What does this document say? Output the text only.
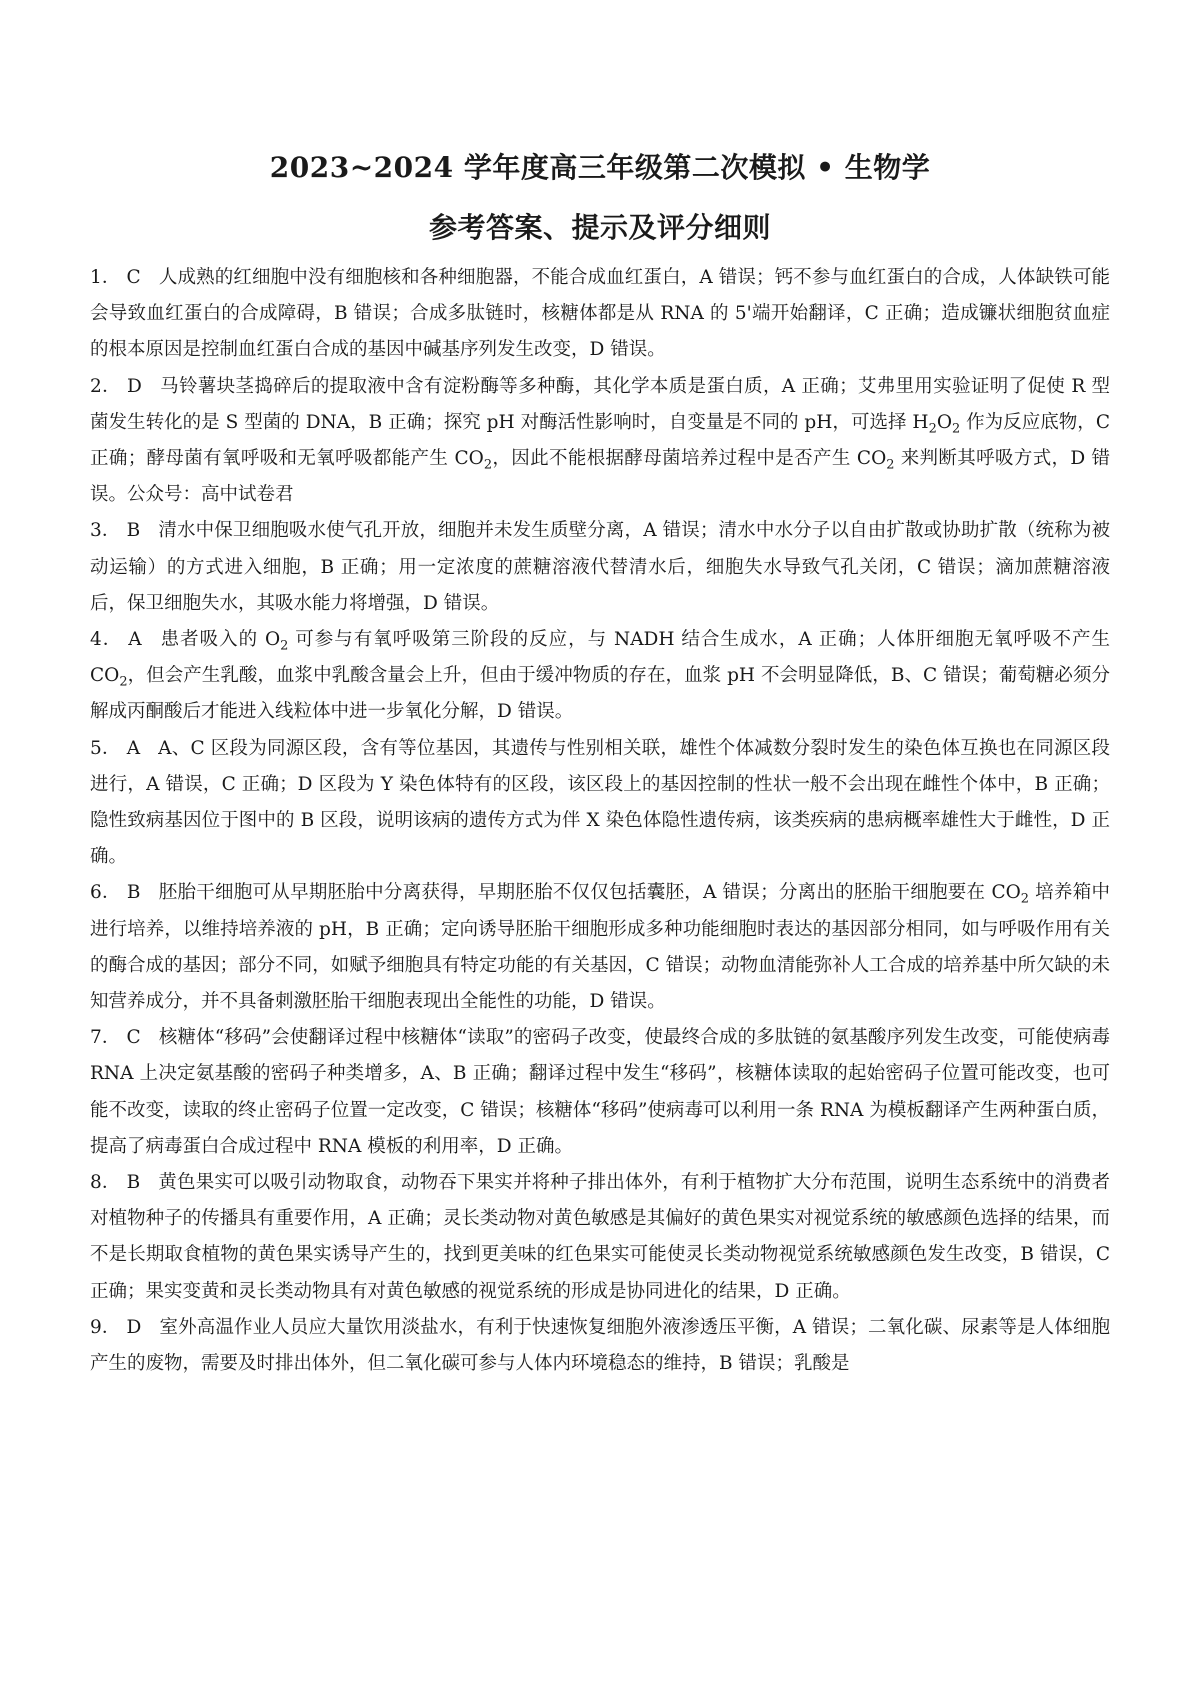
2023~2024 学年度高三年级第二次模拟 • 生物学
参考答案、提示及评分细则

1． C 人成熟的红细胞中没有细胞核和各种细胞器，不能合成血红蛋白，A 错误；钙不参与血红蛋白的合成，人体缺铁可能会导致血红蛋白的合成障碍，B 错误；合成多肽链时，核糖体都是从 RNA 的 5'端开始翻译，C 正确；造成镰状细胞贫血症的根本原因是控制血红蛋白合成的基因中碱基序列发生改变，D 错误。

2． D 马铃薯块茎捣碎后的提取液中含有淀粉酶等多种酶，其化学本质是蛋白质，A 正确；艾弗里用实验证明了促使 R 型菌发生转化的是 S 型菌的 DNA，B 正确；探究 pH 对酶活性影响时，自变量是不同的 pH，可选择 $H_2O_2$ 作为反应底物，C 正确；酵母菌有氧呼吸和无氧呼吸都能产生 $CO_2$，因此不能根据酵母菌培养过程中是否产生 $CO_2$ 来判断其呼吸方式，D 错误。公众号：高中试卷君

3． B 清水中保卫细胞吸水使气孔开放，细胞并未发生质壁分离，A 错误；清水中水分子以自由扩散或协助扩散（统称为被动运输）的方式进入细胞，B 正确；用一定浓度的蔗糖溶液代替清水后，细胞失水导致气孔关闭，C 错误；滴加蔗糖溶液后，保卫细胞失水，其吸水能力将增强，D 错误。

4． A 患者吸入的 $O_2$ 可参与有氧呼吸第三阶段的反应，与 NADH 结合生成水，A 正确；人体肝细胞无氧呼吸不产生 $CO_2$，但会产生乳酸，血浆中乳酸含量会上升，但由于缓冲物质的存在，血浆 pH 不会明显降低，B、C 错误；葡萄糖必须分解成丙酮酸后才能进入线粒体中进一步氧化分解，D 错误。

5． A A、C 区段为同源区段，含有等位基因，其遗传与性别相关联，雄性个体减数分裂时发生的染色体互换也在同源区段进行，A 错误，C 正确；D 区段为 Y 染色体特有的区段，该区段上的基因控制的性状一般不会出现在雌性个体中，B 正确；隐性致病基因位于图中的 B 区段，说明该病的遗传方式为伴 X 染色体隐性遗传病，该类疾病的患病概率雄性大于雌性，D 正确。

6． B 胚胎干细胞可从早期胚胎中分离获得，早期胚胎不仅仅包括囊胚，A 错误；分离出的胚胎干细胞要在 $CO_2$ 培养箱中进行培养，以维持培养液的 pH，B 正确；定向诱导胚胎干细胞形成多种功能细胞时表达的基因部分相同，如与呼吸作用有关的酶合成的基因；部分不同，如赋予细胞具有特定功能的有关基因，C 错误；动物血清能弥补人工合成的培养基中所欠缺的未知营养成分，并不具备刺激胚胎干细胞表现出全能性的功能，D 错误。

7． C 核糖体“移码”会使翻译过程中核糖体“读取”的密码子改变，使最终合成的多肽链的氨基酸序列发生改变，可能使病毒 RNA 上决定氨基酸的密码子种类增多，A、B 正确；翻译过程中发生“移码”，核糖体读取的起始密码子位置可能改变，也可能不改变，读取的终止密码子位置一定改变，C 错误；核糖体“移码”使病毒可以利用一条 RNA 为模板翻译产生两种蛋白质，提高了病毒蛋白合成过程中 RNA 模板的利用率，D 正确。

8． B 黄色果实可以吸引动物取食，动物吞下果实并将种子排出体外，有利于植物扩大分布范围，说明生态系统中的消费者对植物种子的传播具有重要作用，A 正确；灵长类动物对黄色敏感是其偏好的黄色果实对视觉系统的敏感颜色选择的结果，而不是长期取食植物的黄色果实诱导产生的，找到更美味的红色果实可能使灵长类动物视觉系统敏感颜色发生改变，B 错误，C 正确；果实变黄和灵长类动物具有对黄色敏感的视觉系统的形成是协同进化的结果，D 正确。

9． D 室外高温作业人员应大量饮用淡盐水，有利于快速恢复细胞外液渗透压平衡，A 错误；二氧化碳、尿素等是人体细胞产生的废物，需要及时排出体外，但二氧化碳可参与人体内环境稳态的维持，B 错误；乳酸是
